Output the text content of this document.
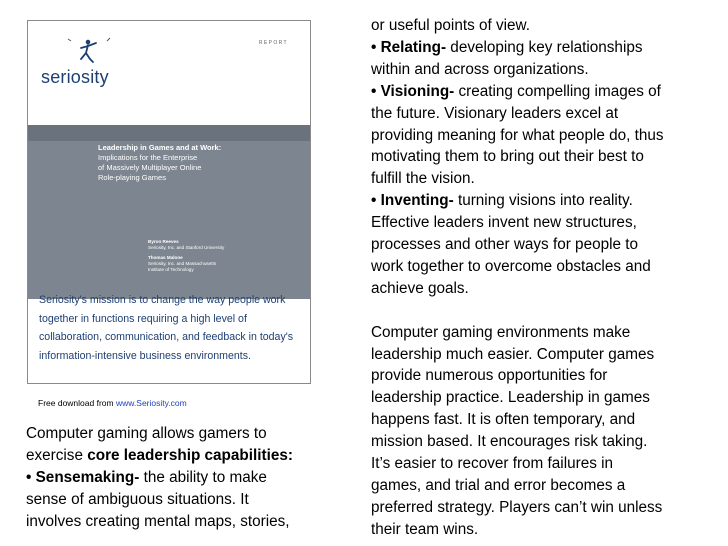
REPORT
seriosity
Leadership in Games and at Work:
Implications for the Enterprise
of Massively Multiplayer Online
Role-playing Games
Byron Reeves
Seriosity, Inc. and Stanford University
Thomas Malone
Seriosity, Inc. and Massachusetts
Institute of Technology
Seriosity's mission is to change the way people work
together in functions requiring a high level of
collaboration, communication, and feedback in today's
information-intensive business environments.
Free download from www.Seriosity.com

Computer gaming allows gamers to

exercise core leadership capabilities:

• Sensemaking- the ability to make

sense of ambiguous situations. It

involves creating mental maps, stories,

or useful points of view.

• Relating- developing key relationships

within and across organizations.

• Visioning- creating compelling images of

the future. Visionary leaders excel at

providing meaning for what people do, thus

motivating them to bring out their best to

fulfill the vision.

• Inventing- turning visions into reality.

Effective leaders invent new structures,

processes and other ways for people to

work together to overcome obstacles and

achieve goals.

Computer gaming environments make

leadership much easier. Computer games

provide numerous opportunities for

leadership practice. Leadership in games

happens fast. It is often temporary, and

mission based. It encourages risk taking.

It’s easier to recover from failures in

games, and trial and error becomes a

preferred strategy. Players can’t win unless

their team wins.
